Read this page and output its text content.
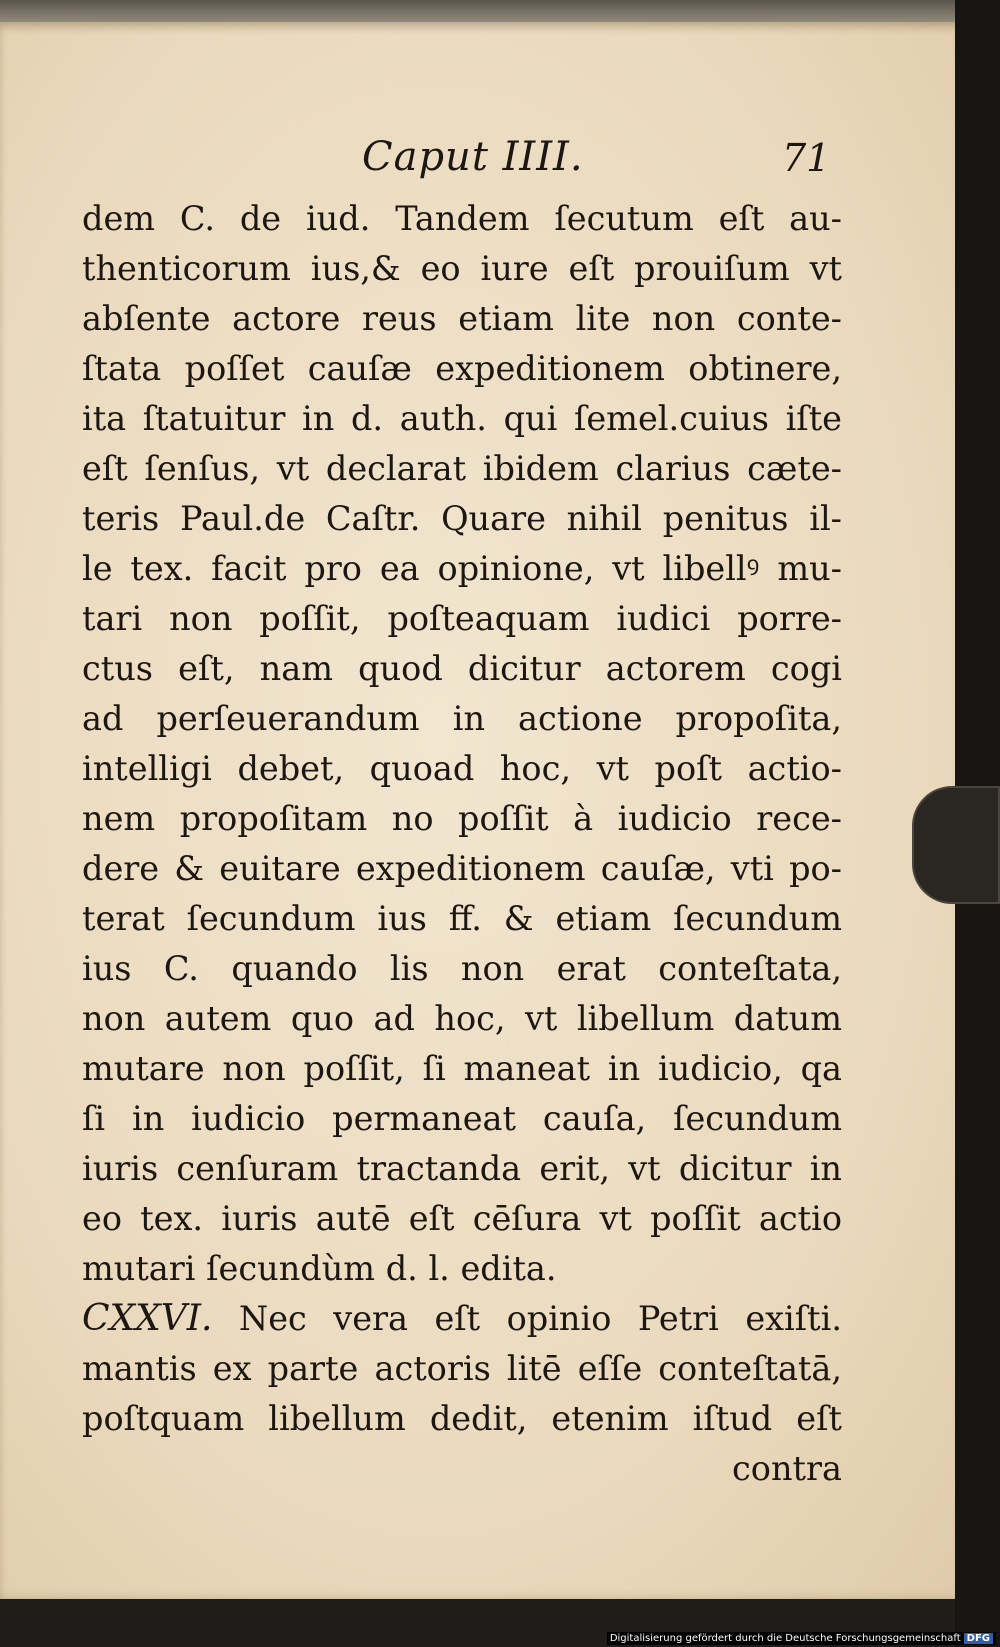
Caput IIII.	71
dem C. de iud. Tandem ſecutum eſt au-
thenticorum ius,& eo iure eſt prouiſum vt
abſente actore reus etiam lite non conte-
ſtata poſſet cauſæ expeditionem obtinere,
ita ſtatuitur in d. auth. qui ſemel.cuius iſte
eſt ſenſus, vt declarat ibidem clarius cæte-
teris Paul.de Caſtr. Quare nihil penitus il-
le tex. facit pro ea opinione, vt libellꝰ mu-
tari non poſſit, poſteaquam iudici porre-
ctus eſt, nam quod dicitur actorem cogi
ad perſeuerandum in actione propoſita,
intelligi debet, quoad hoc, vt poſt actio-
nem propoſitam no poſſit à iudicio rece-
dere & euitare expeditionem cauſæ, vti po-
terat ſecundum ius ff. & etiam ſecundum
ius C. quando lis non erat conteſtata,
non autem quo ad hoc, vt libellum datum
mutare non poſſit, ſi maneat in iudicio, qa
ſi in iudicio permaneat cauſa, ſecundum
iuris cenſuram tractanda erit, vt dicitur in
eo tex. iuris autē eſt cēſura vt poſſit actio
mutari ſecundùm d. l. edita.
CXXVI. Nec vera eſt opinio Petri exiſti.
mantis ex parte actoris litē eſſe conteſtatā,
poſtquam libellum dedit, etenim iſtud eſt
contra
Digitalisierung gefördert durch die Deutsche Forschungsgemeinschaft DFG
